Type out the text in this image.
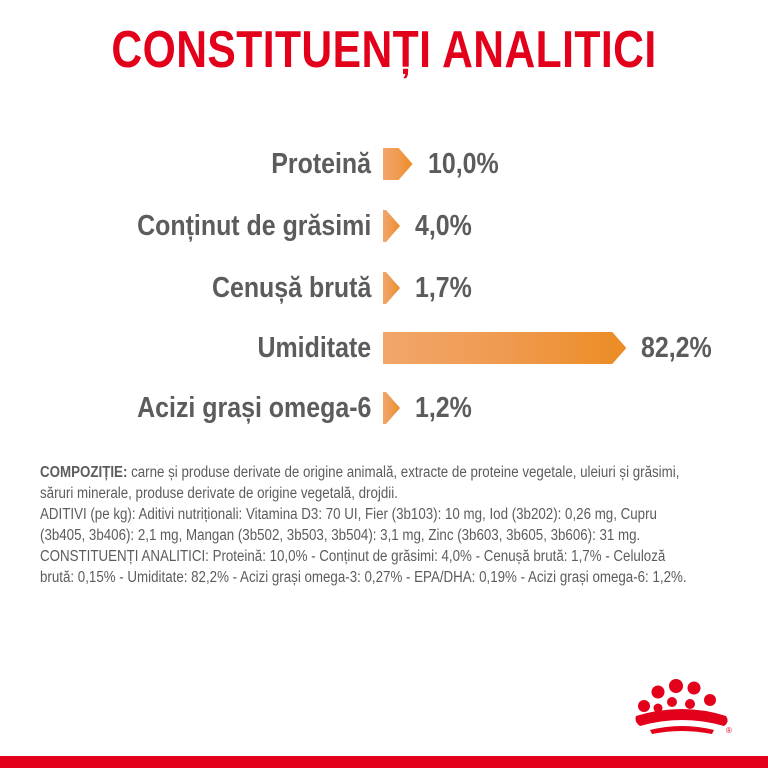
CONSTITUENȚI ANALITICI
Proteină 10,0%
Conținut de grăsimi 4,0%
Cenușă brută 1,7%
Umiditate	82,2%
Acizi grași omega-6 1,2%

COMPOZIȚIE: carne și produse derivate de origine animală, extracte de proteine vegetale, uleiuri și grăsimi, săruri minerale, produse derivate de origine vegetală, drojdii.

ADITIVI (pe kg): Aditivi nutriționali: Vitamina D3: 70 UI, Fier (3b103): 10 mg, Iod (3b202): 0,26 mg, Cupru (3b405, 3b406): 2,1 mg, Mangan (3b502, 3b503, 3b504): 3,1 mg, Zinc (3b603, 3b605, 3b606): 31 mg.

CONSTITUENȚI ANALITICI: Proteină: 10,0% - Conținut de grăsimi: 4,0% - Cenușă brută: 1,7% - Celuloză brută: 0,15% - Umiditate: 82,2% - Acizi grași omega-3: 0,27% - EPA/DHA: 0,19% - Acizi grași omega-6: 1,2%.

®
